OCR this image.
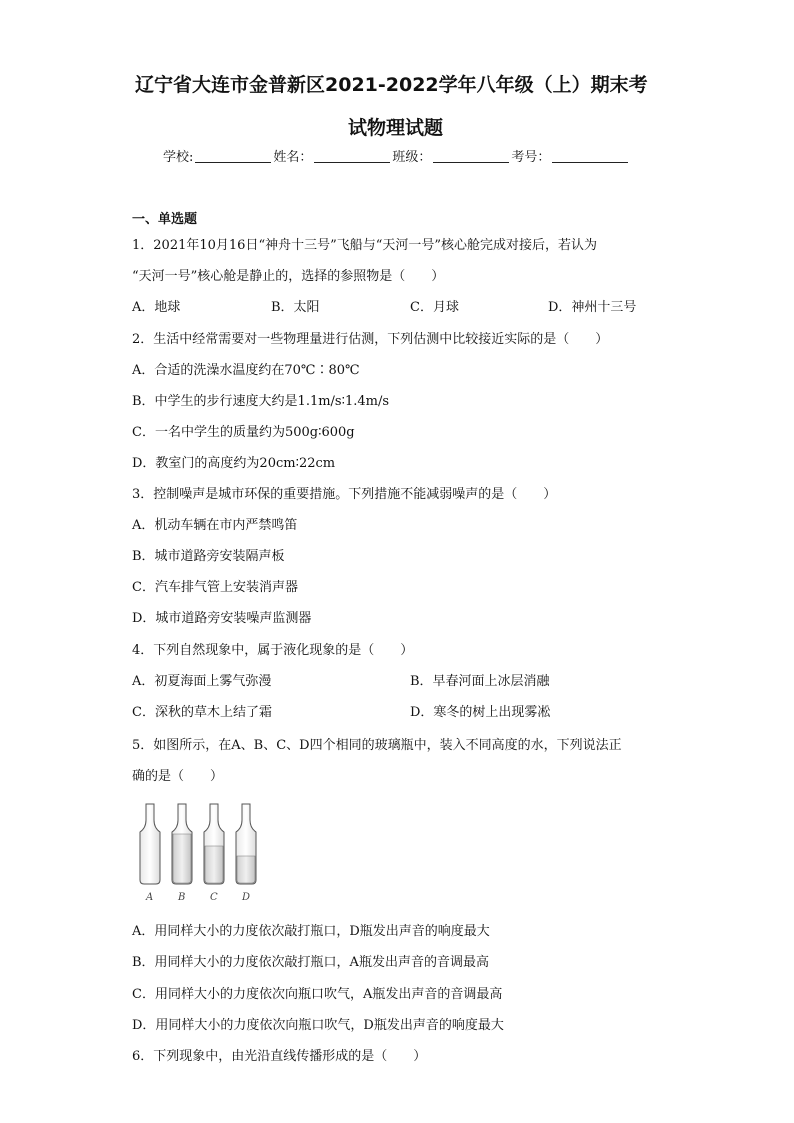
辽宁省大连市金普新区2021-2022学年八年级（上）期末考
试物理试题
学校:	姓名：	班级：	考号：
一、单选题
1．2021年10月16日“神舟十三号”飞船与“天河一号”核心舱完成对接后，若认为
“天河一号”核心舱是静止的，选择的参照物是（　　）
A．地球	B．太阳	C．月球	D．神州十三号
2．生活中经常需要对一些物理量进行估测，下列估测中比较接近实际的是（　　）
A．合适的洗澡水温度约在70℃∶80℃
B．中学生的步行速度大约是1.1m/s∶1.4m/s
C．一名中学生的质量约为500g∶600g
D．教室门的高度约为20cm∶22cm
3．控制噪声是城市环保的重要措施。下列措施不能减弱噪声的是（　　）
A．机动车辆在市内严禁鸣笛
B．城市道路旁安装隔声板
C．汽车排气管上安装消声器
D．城市道路旁安装噪声监测器
4．下列自然现象中，属于液化现象的是（　　）
A．初夏海面上雾气弥漫	B．早春河面上冰层消融
C．深秋的草木上结了霜	D．寒冬的树上出现雾凇
5．如图所示，在A、B、C、D四个相同的玻璃瓶中，装入不同高度的水，下列说法正
确的是（　　）
A B C D
A．用同样大小的力度依次敲打瓶口，D瓶发出声音的响度最大
B．用同样大小的力度依次敲打瓶口，A瓶发出声音的音调最高
C．用同样大小的力度依次向瓶口吹气，A瓶发出声音的音调最高
D．用同样大小的力度依次向瓶口吹气，D瓶发出声音的响度最大
6．下列现象中，由光沿直线传播形成的是（　　）
